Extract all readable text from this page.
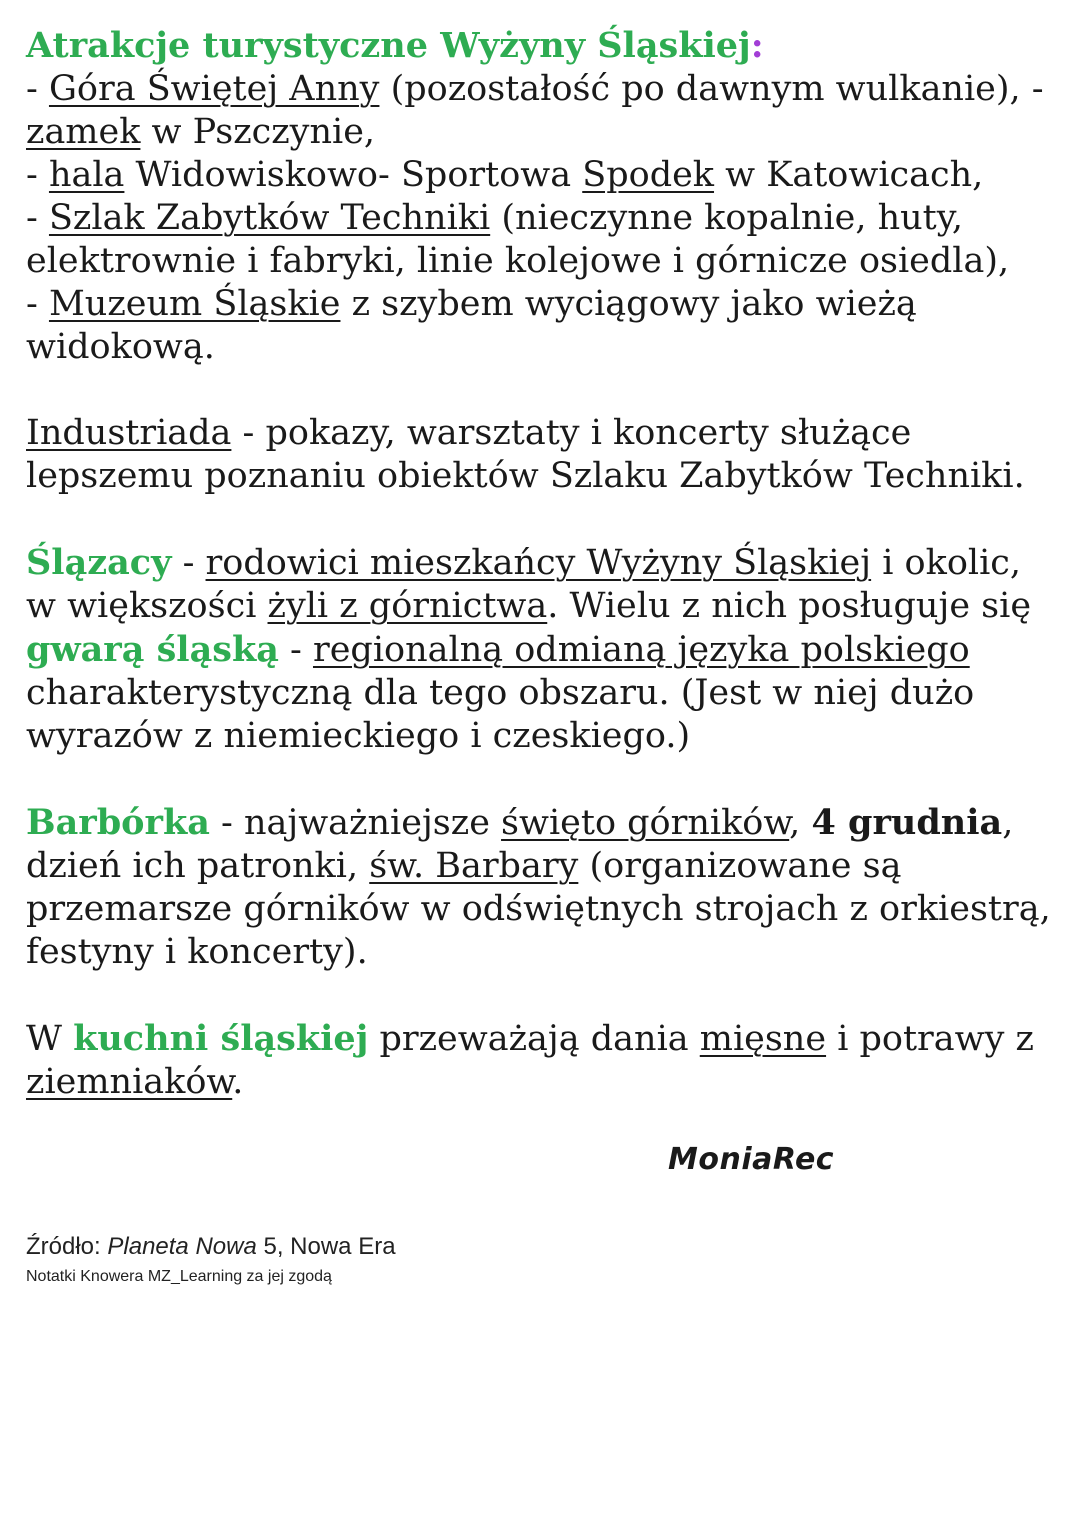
Atrakcje turystyczne Wyżyny Śląskiej:
- Góra Świętej Anny (pozostałość po dawnym wulkanie), -
zamek w Pszczynie,
- hala Widowiskowo- Sportowa Spodek w Katowicach,
- Szlak Zabytków Techniki (nieczynne kopalnie, huty,
elektrownie i fabryki, linie kolejowe i górnicze osiedla),
- Muzeum Śląskie z szybem wyciągowy jako wieżą
widokową.
Industriada - pokazy, warsztaty i koncerty służące
lepszemu poznaniu obiektów Szlaku Zabytków Techniki.
Ślązacy - rodowici mieszkańcy Wyżyny Śląskiej i okolic,
w większości żyli z górnictwa. Wielu z nich posługuje się
gwarą śląską - regionalną odmianą języka polskiego
charakterystyczną dla tego obszaru. (Jest w niej dużo
wyrazów z niemieckiego i czeskiego.)
Barbórka - najważniejsze święto górników, 4 grudnia,
dzień ich patronki, św. Barbary (organizowane są
przemarsze górników w odświętnych strojach z orkiestrą,
festyny i koncerty).
W kuchni śląskiej przeważają dania mięsne i potrawy z
ziemniaków.
MoniaRec
Źródło: Planeta Nowa 5, Nowa Era
Notatki Knowera MZ_Learning za jej zgodą
